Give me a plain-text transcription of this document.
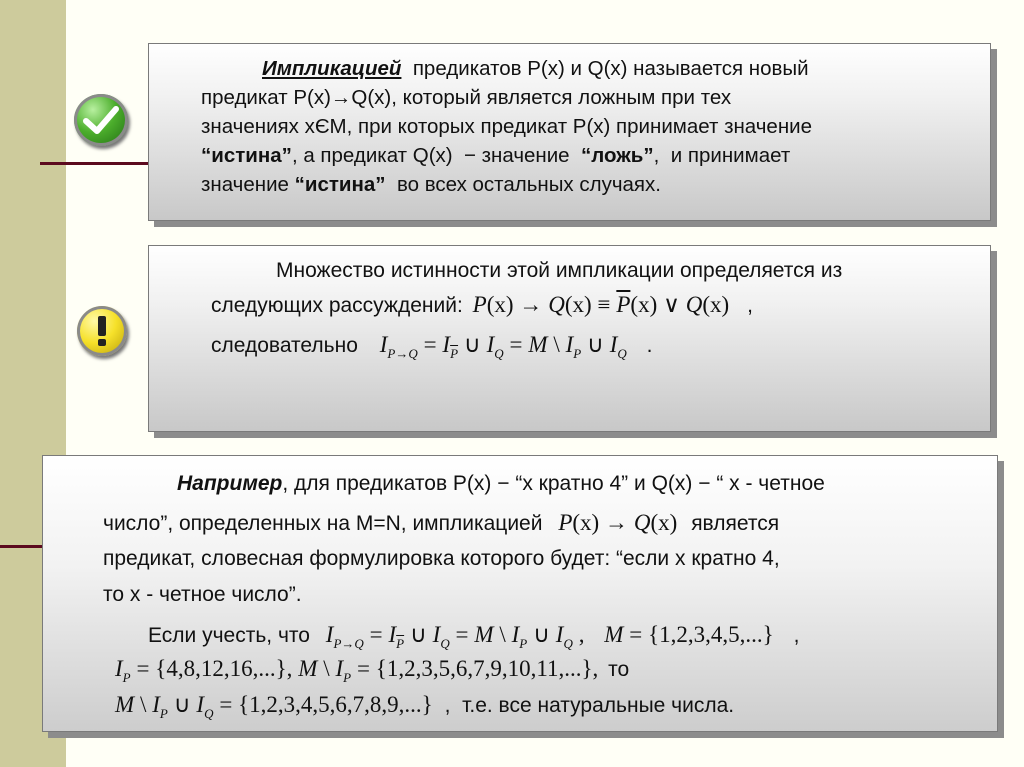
Импликацией  предикатов P(x) и Q(x) называется новый
предикат P(x)→Q(x), который является ложным при тех
значениях xЄM, при которых предикат P(x) принимает значение
“истина”, а предикат Q(x)  − значение  “ложь”,  и принимает
значение “истина”  во всех остальных случаях.
Множество истинности этой импликации определяется из
следующих рассуждений: $P(x) \to Q(x) \equiv \overline{P}(x)$ ∨ Q(x) ,
следовательно $I_{P\to Q} = I_{\overline{P}}$ ∪ $I_Q = M$ \ $I_P$ ∪ $I_Q$ .
Например, для предикатов P(x) − “x кратно 4” и Q(x) − “ x - четное
число”, определенных на M=N, импликацией P(x) → Q(x) является
предикат, словесная формулировка которого будет: “если x кратно 4,
то x - четное число”.
Если учесть, что $I_{P\to Q} = I_{\overline{P}}$ ∪ $I_Q = M$ \ $I_P$ ∪ $I_Q$ , M = {1,2,3,4,5,...} ,
$I_P = \{4,8,12,16,...\}$, M \ $I_P = \{1,2,3,5,6,7,9,10,11,...\}$, то
M \ $I_P$ ∪ $I_Q = \{1,2,3,4,5,6,7,8,9,...\}$ ,  т.е. все натуральные числа.
